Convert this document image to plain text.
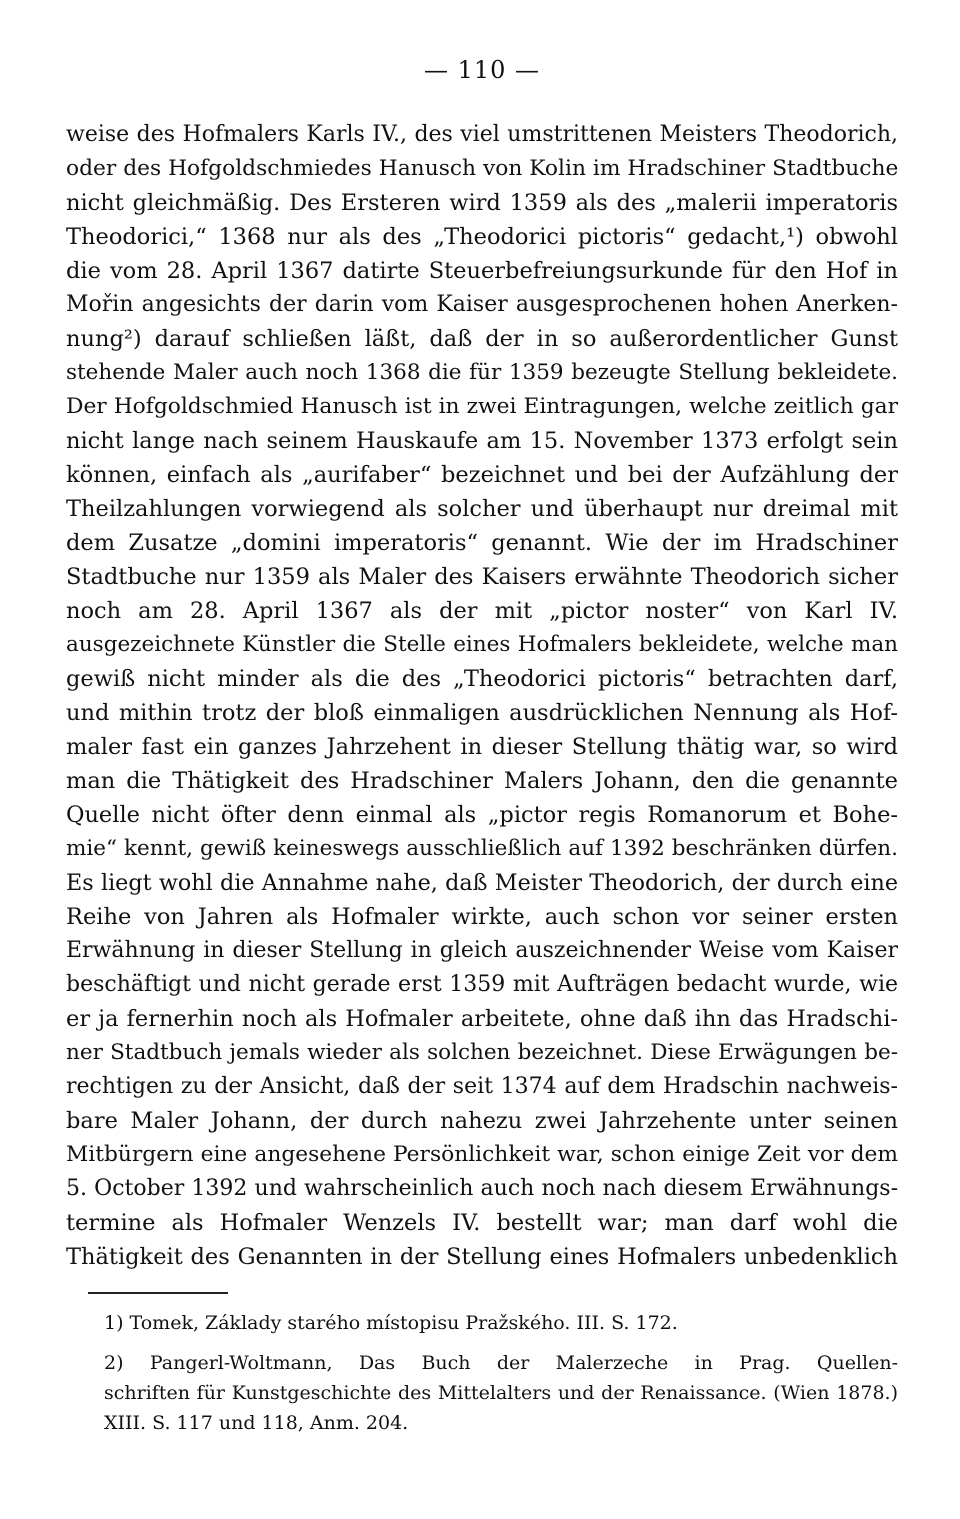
— 110 —
weise des Hofmalers Karls IV., des viel umstrittenen Meisters Theodorich,
oder des Hofgoldschmiedes Hanusch von Kolin im Hradschiner Stadtbuche
nicht gleichmäßig. Des Ersteren wird 1359 als des „malerii imperatoris
Theodorici,“ 1368 nur als des „Theodorici pictoris“ gedacht,¹) obwohl
die vom 28. April 1367 datirte Steuerbefreiungsurkunde für den Hof in
Mořin angesichts der darin vom Kaiser ausgesprochenen hohen Anerken-
nung²) darauf schließen läßt, daß der in so außerordentlicher Gunst
stehende Maler auch noch 1368 die für 1359 bezeugte Stellung bekleidete.
Der Hofgoldschmied Hanusch ist in zwei Eintragungen, welche zeitlich gar
nicht lange nach seinem Hauskaufe am 15. November 1373 erfolgt sein
können, einfach als „aurifaber“ bezeichnet und bei der Aufzählung der
Theilzahlungen vorwiegend als solcher und überhaupt nur dreimal mit
dem Zusatze „domini imperatoris“ genannt. Wie der im Hradschiner
Stadtbuche nur 1359 als Maler des Kaisers erwähnte Theodorich sicher
noch am 28. April 1367 als der mit „pictor noster“ von Karl IV.
ausgezeichnete Künstler die Stelle eines Hofmalers bekleidete, welche man
gewiß nicht minder als die des „Theodorici pictoris“ betrachten darf,
und mithin trotz der bloß einmaligen ausdrücklichen Nennung als Hof-
maler fast ein ganzes Jahrzehent in dieser Stellung thätig war, so wird
man die Thätigkeit des Hradschiner Malers Johann, den die genannte
Quelle nicht öfter denn einmal als „pictor regis Romanorum et Bohe-
mie“ kennt, gewiß keineswegs ausschließlich auf 1392 beschränken dürfen.
Es liegt wohl die Annahme nahe, daß Meister Theodorich, der durch eine
Reihe von Jahren als Hofmaler wirkte, auch schon vor seiner ersten
Erwähnung in dieser Stellung in gleich auszeichnender Weise vom Kaiser
beschäftigt und nicht gerade erst 1359 mit Aufträgen bedacht wurde, wie
er ja fernerhin noch als Hofmaler arbeitete, ohne daß ihn das Hradschi-
ner Stadtbuch jemals wieder als solchen bezeichnet. Diese Erwägungen be-
rechtigen zu der Ansicht, daß der seit 1374 auf dem Hradschin nachweis-
bare Maler Johann, der durch nahezu zwei Jahrzehente unter seinen
Mitbürgern eine angesehene Persönlichkeit war, schon einige Zeit vor dem
5. October 1392 und wahrscheinlich auch noch nach diesem Erwähnungs-
termine als Hofmaler Wenzels IV. bestellt war; man darf wohl die
Thätigkeit des Genannten in der Stellung eines Hofmalers unbedenklich
1) Tomek, Základy starého místopisu Pražského. III. S. 172.
2) Pangerl-Woltmann, Das Buch der Malerzeche in Prag. Quellen-
schriften für Kunstgeschichte des Mittelalters und der Renaissance. (Wien 1878.)
XIII. S. 117 und 118, Anm. 204.
